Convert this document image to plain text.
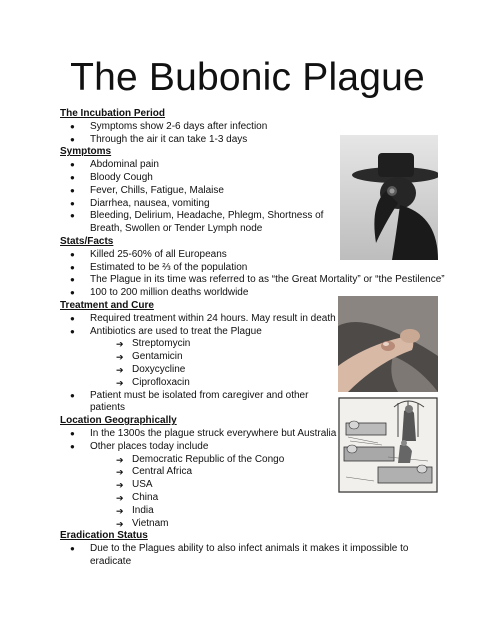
The Bubonic Plague
The Incubation Period
● Symptoms show 2-6 days after infection
● Through the air it can take 1-3 days
Symptoms
● Abdominal pain
● Bloody Cough
● Fever, Chills, Fatigue, Malaise
● Diarrhea, nausea, vomiting
● Bleeding, Delirium, Headache, Phlegm, Shortness of Breath, Swollen or Tender Lymph node
Stats/Facts
● Killed 25-60% of all Europeans
● Estimated to be ⅔ of the population
● The Plague in its time was referred to as “the Great Mortality” or “the Pestilence”
● 100 to 200 million deaths worldwide
Treatment and Cure
● Required treatment within 24 hours. May result in death
● Antibiotics are used to treat the Plague
➔ Streptomycin
➔ Gentamicin
➔ Doxycycline
➔ Ciprofloxacin
● Patient must be isolated from caregiver and other patients
Location Geographically
● In the 1300s the plague struck everywhere but Australia
● Other places today include
➔ Democratic Republic of the Congo
➔ Central Africa
➔ USA
➔ China
➔ India
➔ Vietnam
Eradication Status
● Due to the Plagues ability to also infect animals it makes it impossible to eradicate
